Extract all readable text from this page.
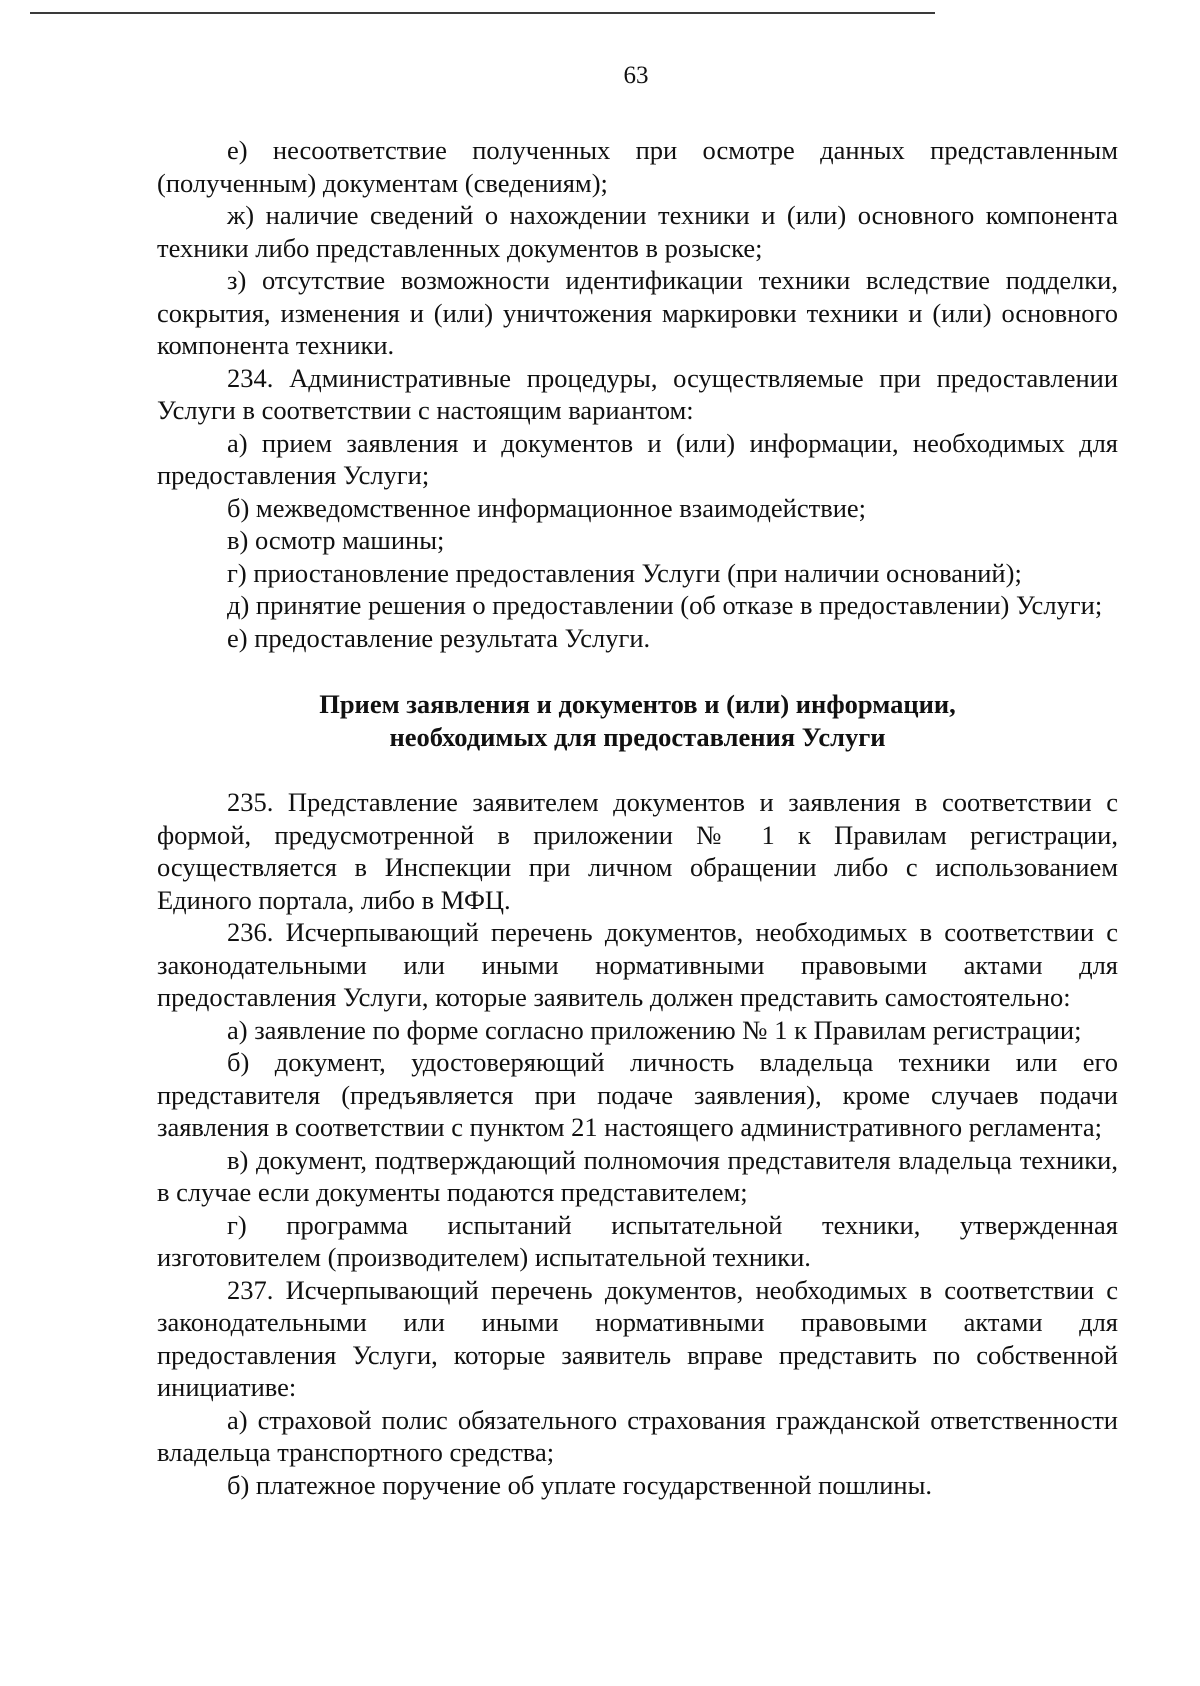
63

е) несоответствие полученных при осмотре данных представленным (полученным) документам (сведениям);

ж) наличие сведений о нахождении техники и (или) основного компонента техники либо представленных документов в розыске;

з) отсутствие возможности идентификации техники вследствие подделки, сокрытия, изменения и (или) уничтожения маркировки техники и (или) основного компонента техники.

234. Административные процедуры, осуществляемые при предоставлении Услуги в соответствии с настоящим вариантом:

а) прием заявления и документов и (или) информации, необходимых для предоставления Услуги;

б) межведомственное информационное взаимодействие;

в) осмотр машины;

г) приостановление предоставления Услуги (при наличии оснований);

д) принятие решения о предоставлении (об отказе в предоставлении) Услуги;

е) предоставление результата Услуги.

Прием заявления и документов и (или) информации,
необходимых для предоставления Услуги

235. Представление заявителем документов и заявления в соответствии с формой, предусмотренной в приложении № 1 к Правилам регистрации, осуществляется в Инспекции при личном обращении либо с использованием Единого портала, либо в МФЦ.

236. Исчерпывающий перечень документов, необходимых в соответствии с законодательными или иными нормативными правовыми актами для предоставления Услуги, которые заявитель должен представить самостоятельно:

а) заявление по форме согласно приложению № 1 к Правилам регистрации;

б) документ, удостоверяющий личность владельца техники или его представителя (предъявляется при подаче заявления), кроме случаев подачи заявления в соответствии с пунктом 21 настоящего административного регламента;

в) документ, подтверждающий полномочия представителя владельца техники, в случае если документы подаются представителем;

г) программа испытаний испытательной техники, утвержденная изготовителем (производителем) испытательной техники.

237. Исчерпывающий перечень документов, необходимых в соответствии с законодательными или иными нормативными правовыми актами для предоставления Услуги, которые заявитель вправе представить по собственной инициативе:

а) страховой полис обязательного страхования гражданской ответственности владельца транспортного средства;

б) платежное поручение об уплате государственной пошлины.
